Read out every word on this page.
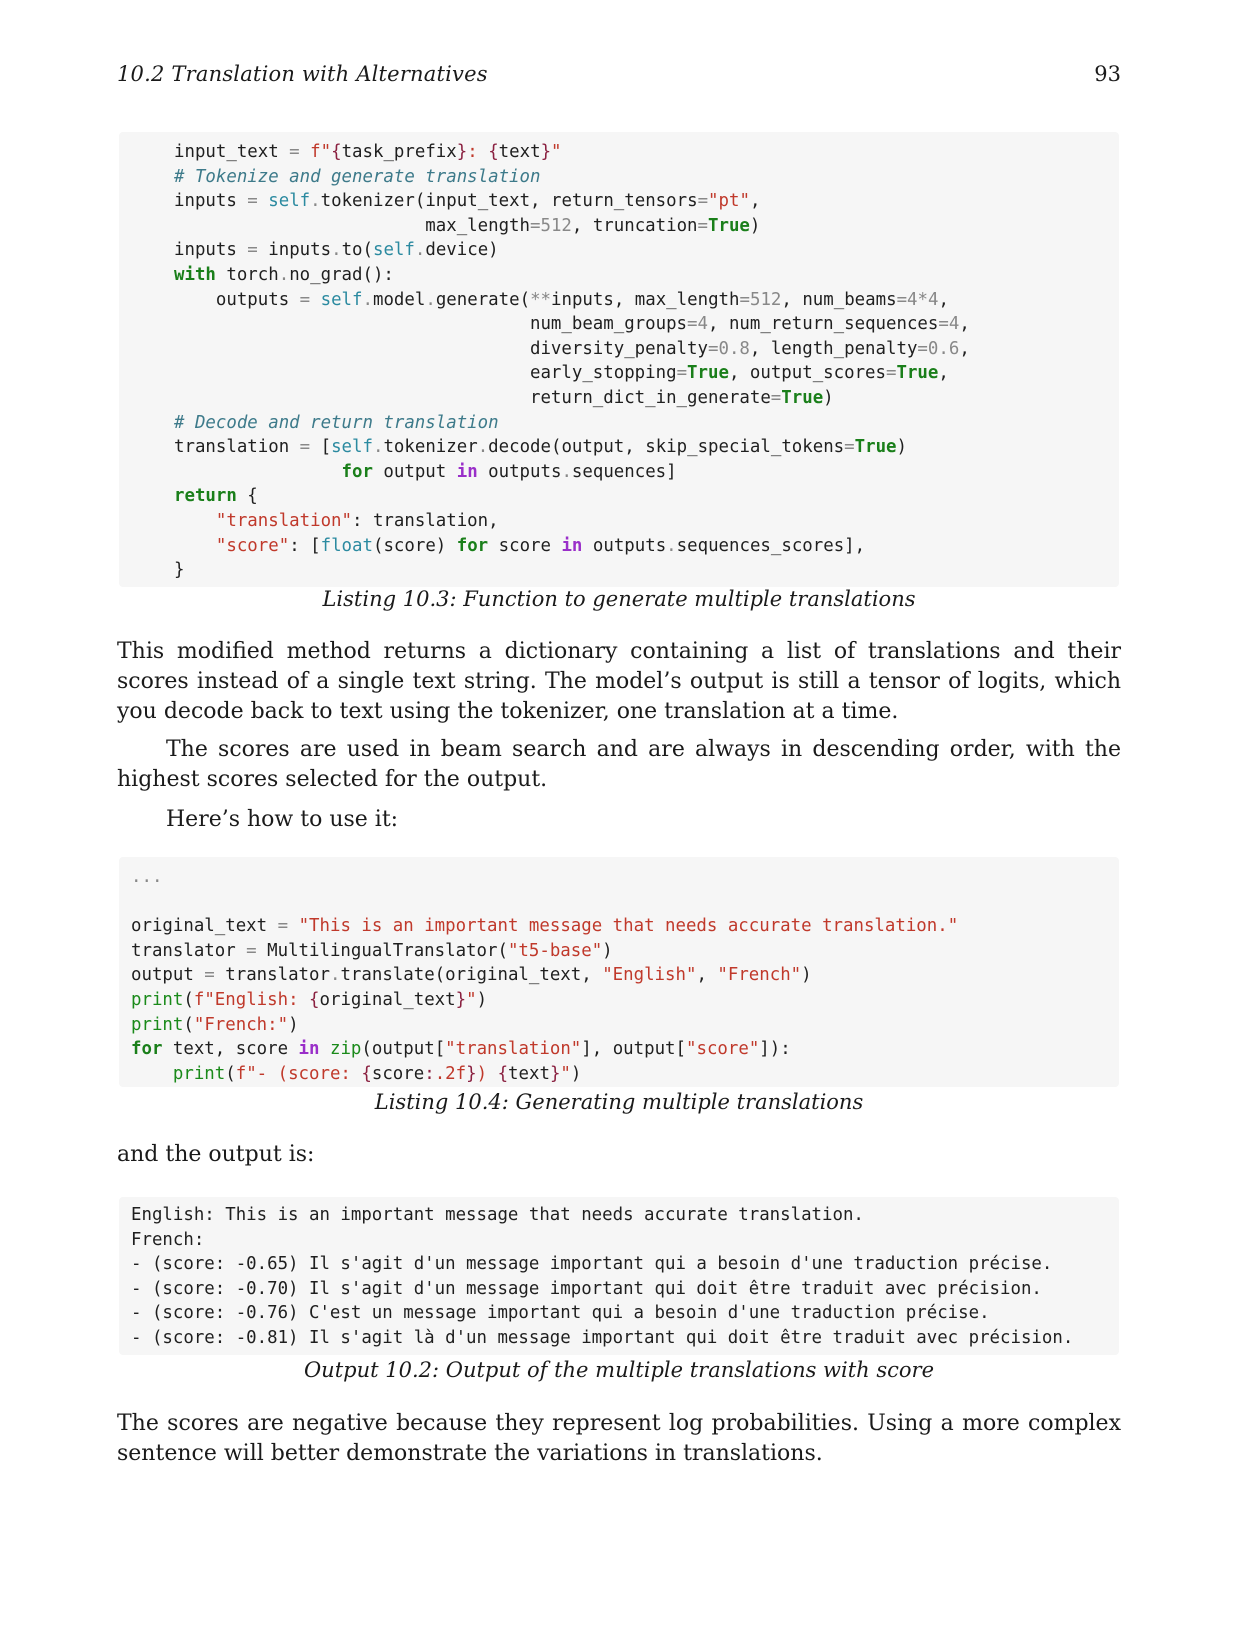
10.2 Translation with Alternatives	93
input_text = f"{task_prefix}: {text}"
# Tokenize and generate translation
inputs = self.tokenizer(input_text, return_tensors="pt",
max_length=512, truncation=True)
inputs = inputs.to(self.device)
with torch.no_grad():
outputs = self.model.generate(**inputs, max_length=512, num_beams=4*4,
num_beam_groups=4, num_return_sequences=4,
diversity_penalty=0.8, length_penalty=0.6,
early_stopping=True, output_scores=True,
return_dict_in_generate=True)
# Decode and return translation
translation = [self.tokenizer.decode(output, skip_special_tokens=True)
for output in outputs.sequences]
return {
"translation": translation,
"score": [float(score) for score in outputs.sequences_scores],
}
Listing 10.3: Function to generate multiple translations

This modified method returns a dictionary containing a list of translations and their scores instead of a single text string. The model’s output is still a tensor of logits, which you decode back to text using the tokenizer, one translation at a time.

The scores are used in beam search and are always in descending order, with the highest scores selected for the output.

Here’s how to use it:

...

original_text = "This is an important message that needs accurate translation."
translator = MultilingualTranslator("t5-base")
output = translator.translate(original_text, "English", "French")
print(f"English: {original_text}")
print("French:")
for text, score in zip(output["translation"], output["score"]):
print(f"- (score: {score:.2f}) {text}")
Listing 10.4: Generating multiple translations

and the output is:

English: This is an important message that needs accurate translation.
French:
- (score: -0.65) Il s'agit d'un message important qui a besoin d'une traduction précise.
- (score: -0.70) Il s'agit d'un message important qui doit être traduit avec précision.
- (score: -0.76) C'est un message important qui a besoin d'une traduction précise.
- (score: -0.81) Il s'agit là d'un message important qui doit être traduit avec précision.
Output 10.2: Output of the multiple translations with score

The scores are negative because they represent log probabilities. Using a more complex sentence will better demonstrate the variations in translations.
